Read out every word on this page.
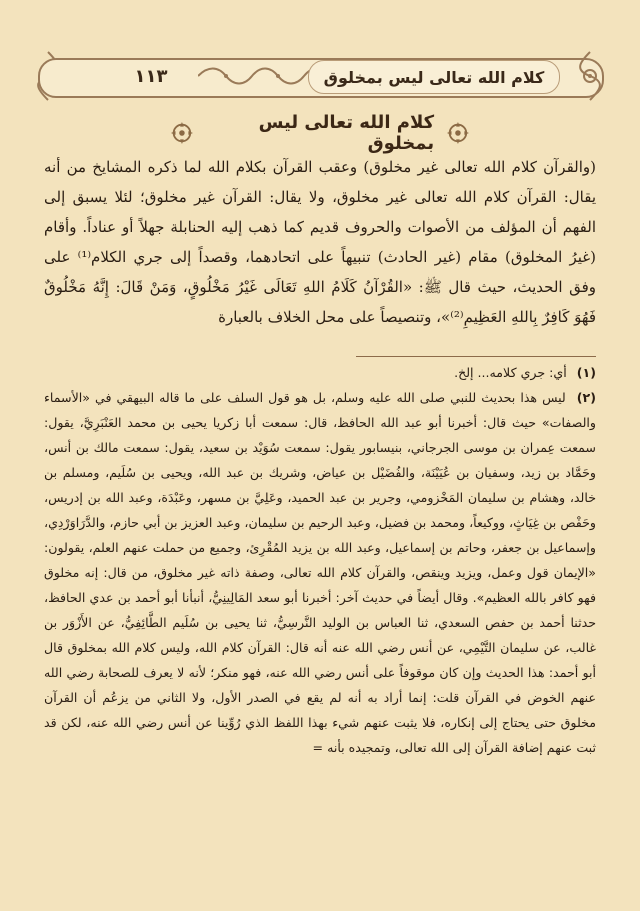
١١٣	كلام الله تعالى ليس بمخلوق
كلام الله تعالى ليس بمخلوق

(والقرآن كلام الله تعالى غير مخلوق) وعقب القرآن بكلام الله لما ذكره المشايخ من أنه يقال: القرآن كلام الله تعالى غير مخلوق، ولا يقال: القرآن غير مخلوق؛ لئلا يسبق إلى الفهم أن المؤلف من الأصوات والحروف قديم كما ذهب إليه الحنابلة جهلاً أو عناداً. وأقام (غيرُ المخلوق) مقام (غير الحادث) تنبيهاً على اتحادهما، وقصداً إلى جري الكلام⁽¹⁾ على وفق الحديث، حيث قال ﷺ: «القُرْآنُ كَلَامُ اللهِ تَعَالَى غَيْرُ مَخْلُوقٍ، وَمَنْ قَالَ: إِنَّهُ مَخْلُوقٌ فَهُوَ كَافِرٌ بِاللهِ العَظِيمِ⁽²⁾»، وتنصيصاً على محل الخلاف بالعبارة

(١) أي: جري كلامه... إلخ.

(٢) ليس هذا بحديث للنبي صلى الله عليه وسلم، بل هو قول السلف على ما قاله البيهقي في «الأسماء والصفات» حيث قال: أخبرنا أبو عبد الله الحافظ، قال: سمعت أبا زكريا يحيى بن محمد العَنْبَرِيَّ، يقول: سمعت عِمران بن موسى الجرجاني، بنيسابور يقول: سمعت سُوَيْد بن سعيد، يقول: سمعت مالك بن أنس، وحَمَّاد بن زيد، وسفيان بن عُيَيْنَة، والفُضَيْل بن عياض، وشريك بن عبد الله، ويحيى بن سُلَيم، ومسلم بن خالد، وهشام بن سليمان المَخْزومي، وجرير بن عبد الحميد، وعَلِيَّ بن مسهر، وعَبْدَة، وعبد الله بن إدريس، وحَفْص بن غِيَاثٍ، ووكيعاً، ومحمد بن فضيل، وعبد الرحيم بن سليمان، وعبد العزيز بن أبي حازم، والدَّرَاوَرْدِي، وإسماعيل بن جعفر، وحاتم بن إسماعيل، وعبد الله بن يزيد المُقْرِئ، وجميع من حملت عنهم العلم، يقولون: «الإيمان قول وعمل، ويزيد وينقص، والقرآن كلام الله تعالى، وصفة ذاته غير مخلوق، من قال: إنه مخلوق فهو كافر بالله العظيم». وقال أيضاً في حديث آخر: أخبرنا أبو سعد المَالِينِيُّ، أنبأنا أبو أحمد بن عدي الحافظ، حدثنا أحمد بن حفص السعدي، ثنا العباس بن الوليد النَّرسِيُّ، ثنا يحيى بن سُلَيم الطَّائِفِيُّ، عن الأَزْوَر بن غالب، عن سليمان التَّيْمِي، عن أنس رضي الله عنه أنه قال: القرآن كلام الله، وليس كلام الله بمخلوق قال أبو أحمد: هذا الحديث وإن كان موقوفاً على أنس رضي الله عنه، فهو منكر؛ لأنه لا يعرف للصحابة رضي الله عنهم الخوض في القرآن قلت: إنما أراد به أنه لم يقع في الصدر الأول، ولا الثاني من يزعُم أن القرآن مخلوق حتى يحتاج إلى إنكاره، فلا يثبت عنهم شيء بهذا اللفظ الذي رُوِّينا عن أنس رضي الله عنه، لكن قد ثبت عنهم إضافة القرآن إلى الله تعالى، وتمجيده بأنه =
